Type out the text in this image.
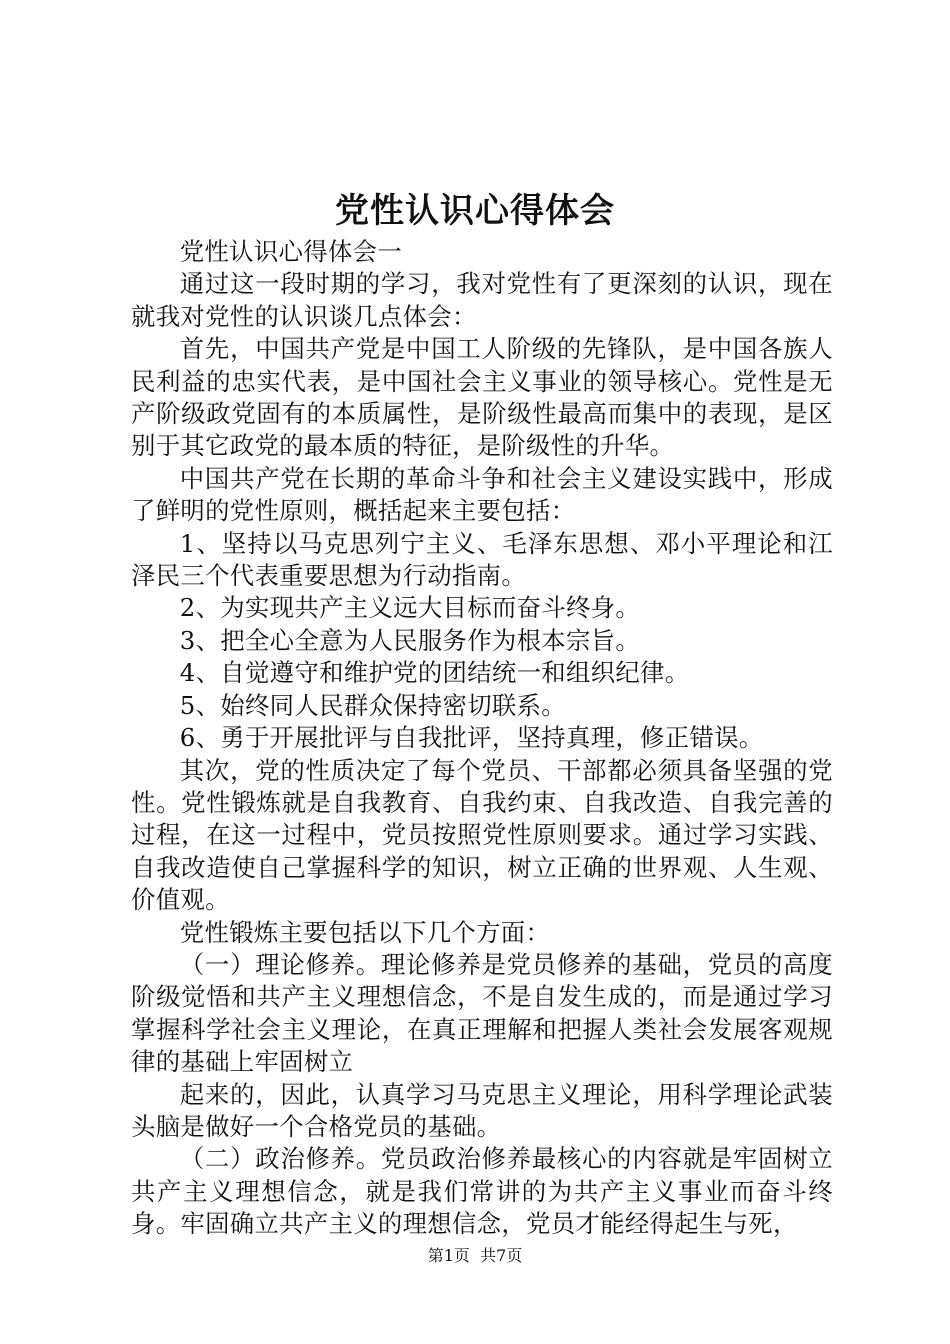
党性认识心得体会

党性认识心得体会一

通过这一段时期的学习，我对党性有了更深刻的认识，现在就我对党性的认识谈几点体会：

首先，中国共产党是中国工人阶级的先锋队，是中国各族人民利益的忠实代表，是中国社会主义事业的领导核心。党性是无产阶级政党固有的本质属性，是阶级性最高而集中的表现，是区别于其它政党的最本质的特征，是阶级性的升华。

中国共产党在长期的革命斗争和社会主义建设实践中，形成了鲜明的党性原则，概括起来主要包括：

1、坚持以马克思列宁主义、毛泽东思想、邓小平理论和江泽民三个代表重要思想为行动指南。

2、为实现共产主义远大目标而奋斗终身。

3、把全心全意为人民服务作为根本宗旨。

4、自觉遵守和维护党的团结统一和组织纪律。

5、始终同人民群众保持密切联系。

6、勇于开展批评与自我批评，坚持真理，修正错误。

其次，党的性质决定了每个党员、干部都必须具备坚强的党性。党性锻炼就是自我教育、自我约束、自我改造、自我完善的过程，在这一过程中，党员按照党性原则要求。通过学习实践、自我改造使自己掌握科学的知识，树立正确的世界观、人生观、价值观。

党性锻炼主要包括以下几个方面：

（一）理论修养。理论修养是党员修养的基础，党员的高度阶级觉悟和共产主义理想信念，不是自发生成的，而是通过学习掌握科学社会主义理论，在真正理解和把握人类社会发展客观规律的基础上牢固树立

起来的，因此，认真学习马克思主义理论，用科学理论武装头脑是做好一个合格党员的基础。

（二）政治修养。党员政治修养最核心的内容就是牢固树立共产主义理想信念，就是我们常讲的为共产主义事业而奋斗终身。牢固确立共产主义的理想信念，党员才能经得起生与死，

第1页  共7页
